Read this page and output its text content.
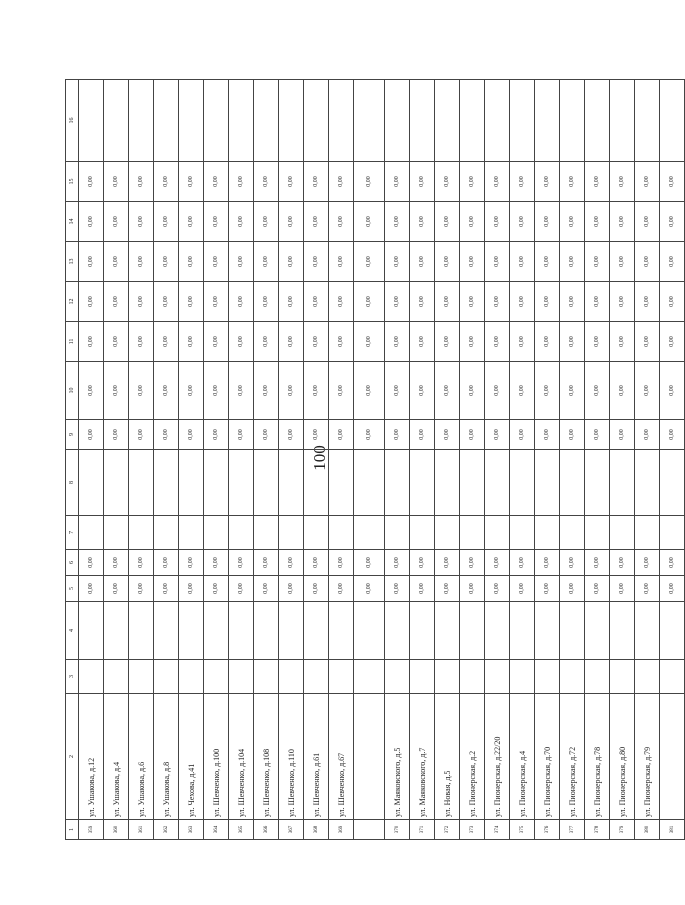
100
1	2	3	4	5	6	7	8	9	10	11	12	13	14	15	16
359	ул. Ушакова, д.12			0,00	0,00			0,00	0,00	0,00	0,00	0,00	0,00	0,00	
360	ул. Ушакова, д.4			0,00	0,00			0,00	0,00	0,00	0,00	0,00	0,00	0,00	
361	ул. Ушакова, д.6			0,00	0,00			0,00	0,00	0,00	0,00	0,00	0,00	0,00	
362	ул. Ушакова, д.8			0,00	0,00			0,00	0,00	0,00	0,00	0,00	0,00	0,00	
363	ул. Чехова, д.41			0,00	0,00			0,00	0,00	0,00	0,00	0,00	0,00	0,00	
364	ул. Шевченко, д.100			0,00	0,00			0,00	0,00	0,00	0,00	0,00	0,00	0,00	
365	ул. Шевченко, д.104			0,00	0,00			0,00	0,00	0,00	0,00	0,00	0,00	0,00	
366	ул. Шевченко, д.108			0,00	0,00			0,00	0,00	0,00	0,00	0,00	0,00	0,00	
367	ул. Шевченко, д.110			0,00	0,00			0,00	0,00	0,00	0,00	0,00	0,00	0,00	
368	ул. Шевченко, д.61			0,00	0,00			0,00	0,00	0,00	0,00	0,00	0,00	0,00	
369	ул. Шевченко, д.67			0,00	0,00			0,00	0,00	0,00	0,00	0,00	0,00	0,00	
				0,00	0,00			0,00	0,00	0,00	0,00	0,00	0,00	0,00	
370	ул. Маяковского, д.5			0,00	0,00			0,00	0,00	0,00	0,00	0,00	0,00	0,00	
371	ул. Маяковского, д.7			0,00	0,00			0,00	0,00	0,00	0,00	0,00	0,00	0,00	
372	ул. Новая, д.5			0,00	0,00			0,00	0,00	0,00	0,00	0,00	0,00	0,00	
373	ул. Пионерская, д.2			0,00	0,00			0,00	0,00	0,00	0,00	0,00	0,00	0,00	
374	ул. Пионерская, д.22/20			0,00	0,00			0,00	0,00	0,00	0,00	0,00	0,00	0,00	
375	ул. Пионерская, д.4			0,00	0,00			0,00	0,00	0,00	0,00	0,00	0,00	0,00	
376	ул. Пионерская, д.70			0,00	0,00			0,00	0,00	0,00	0,00	0,00	0,00	0,00	
377	ул. Пионерская, д.72			0,00	0,00			0,00	0,00	0,00	0,00	0,00	0,00	0,00	
378	ул. Пионерская, д.78			0,00	0,00			0,00	0,00	0,00	0,00	0,00	0,00	0,00	
379	ул. Пионерская, д.80			0,00	0,00			0,00	0,00	0,00	0,00	0,00	0,00	0,00	
380	ул. Пионерская, д.79			0,00	0,00			0,00	0,00	0,00	0,00	0,00	0,00	0,00	
381				0,00	0,00			0,00	0,00	0,00	0,00	0,00	0,00	0,00	
